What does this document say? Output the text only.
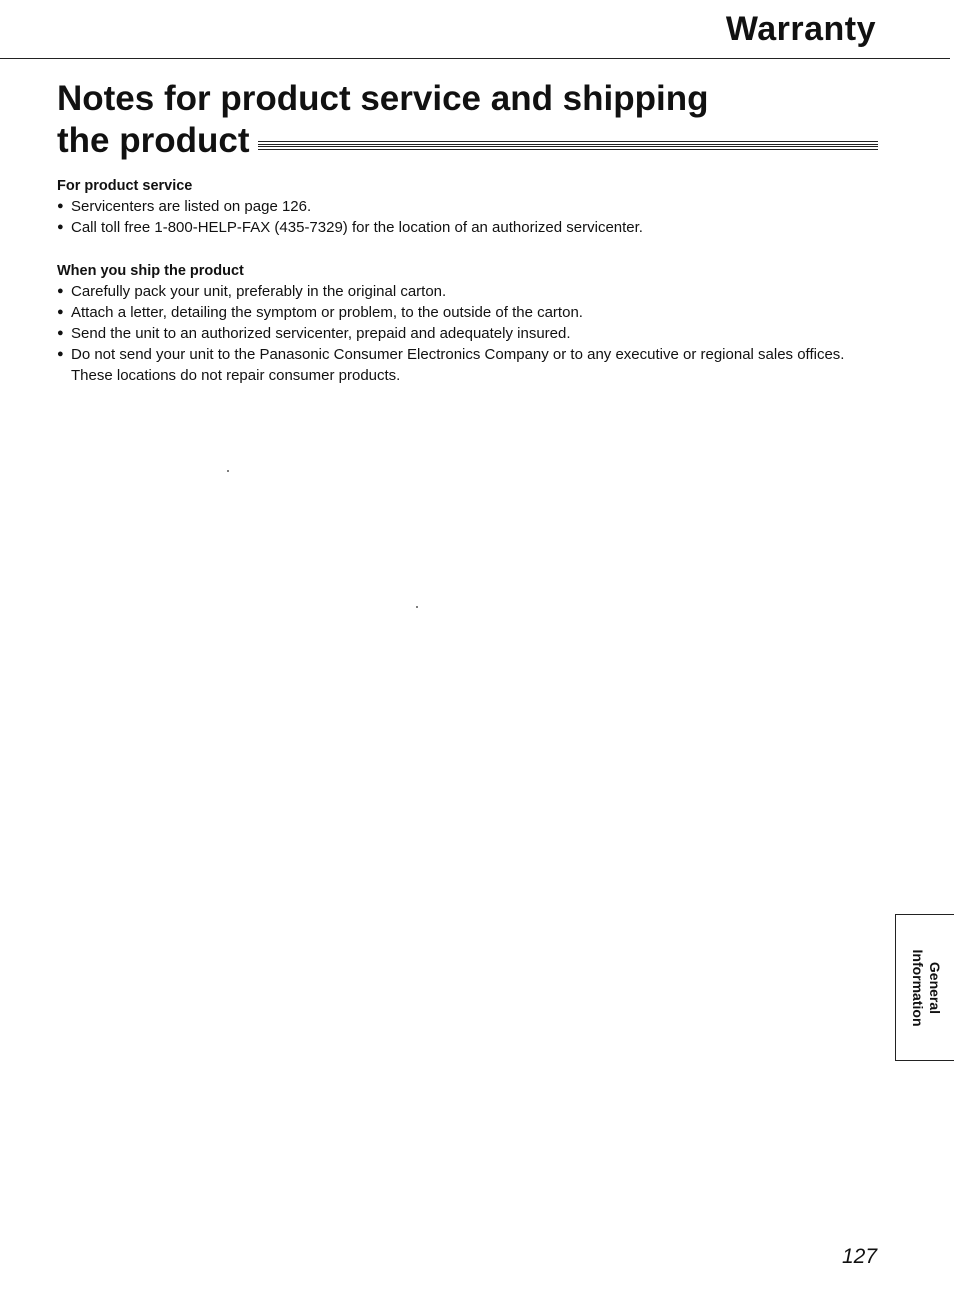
Warranty
Notes for product service and shipping
the product

For product service

● Servicenters are listed on page 126.
● Call toll free 1-800-HELP-FAX (435-7329) for the location of an authorized servicenter.

When you ship the product

● Carefully pack your unit, preferably in the original carton.
● Attach a letter, detailing the symptom or problem, to the outside of the carton.
● Send the unit to an authorized servicenter, prepaid and adequately insured.
● Do not send your unit to the Panasonic Consumer Electronics Company or to any executive or regional sales offices. These locations do not repair consumer products.
General
Information
127
